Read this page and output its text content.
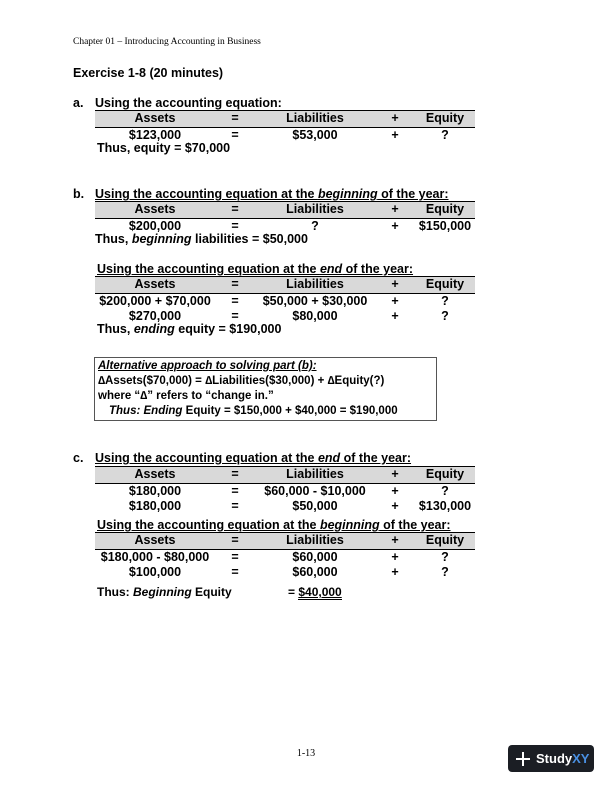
Chapter 01 – Introducing Accounting in Business
Exercise 1-8 (20 minutes)
a. Using the accounting equation:
Assets	=	Liabilities	+	Equity
$123,000	=	$53,000	+	?
Thus, equity = $70,000
b. Using the accounting equation at the beginning of the year:
Assets	=	Liabilities	+	Equity
$200,000	=	?	+	$150,000
Thus, beginning liabilities = $50,000
Using the accounting equation at the end of the year:
Assets	=	Liabilities	+	Equity
$200,000 + $70,000	=	$50,000 + $30,000	+	?
$270,000	=	$80,000	+	?
Thus, ending equity = $190,000
Alternative approach to solving part (b):
∆Assets($70,000) = ∆Liabilities($30,000) + ∆Equity(?)
where “∆” refers to “change in.”
Thus: Ending Equity = $150,000 + $40,000 = $190,000
c. Using the accounting equation at the end of the year:
Assets	=	Liabilities	+	Equity
$180,000	=	$60,000 - $10,000	+	?
$180,000	=	$50,000	+	$130,000
Using the accounting equation at the beginning of the year:
Assets	=	Liabilities	+	Equity
$180,000 - $80,000	=	$60,000	+	?
$100,000	=	$60,000	+	?
Thus: Beginning Equity	= $40,000
1-13	Study XY
